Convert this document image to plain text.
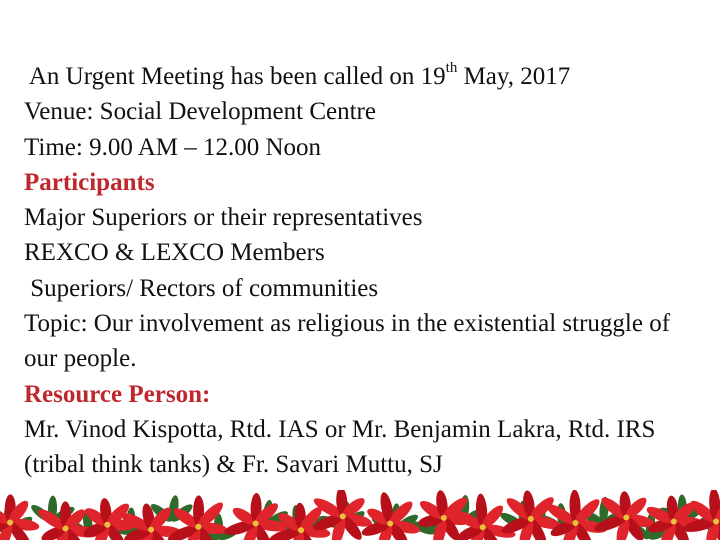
An Urgent Meeting has been called on 19th May, 2017
Venue: Social Development Centre
Time: 9.00 AM – 12.00 Noon
Participants
Major Superiors or their representatives
REXCO & LEXCO Members
Superiors/ Rectors of communities
Topic: Our involvement as religious in the existential struggle of our people.
Resource Person:
Mr. Vinod Kispotta, Rtd. IAS or Mr. Benjamin Lakra, Rtd. IRS (tribal think tanks) & Fr. Savari Muttu, SJ
